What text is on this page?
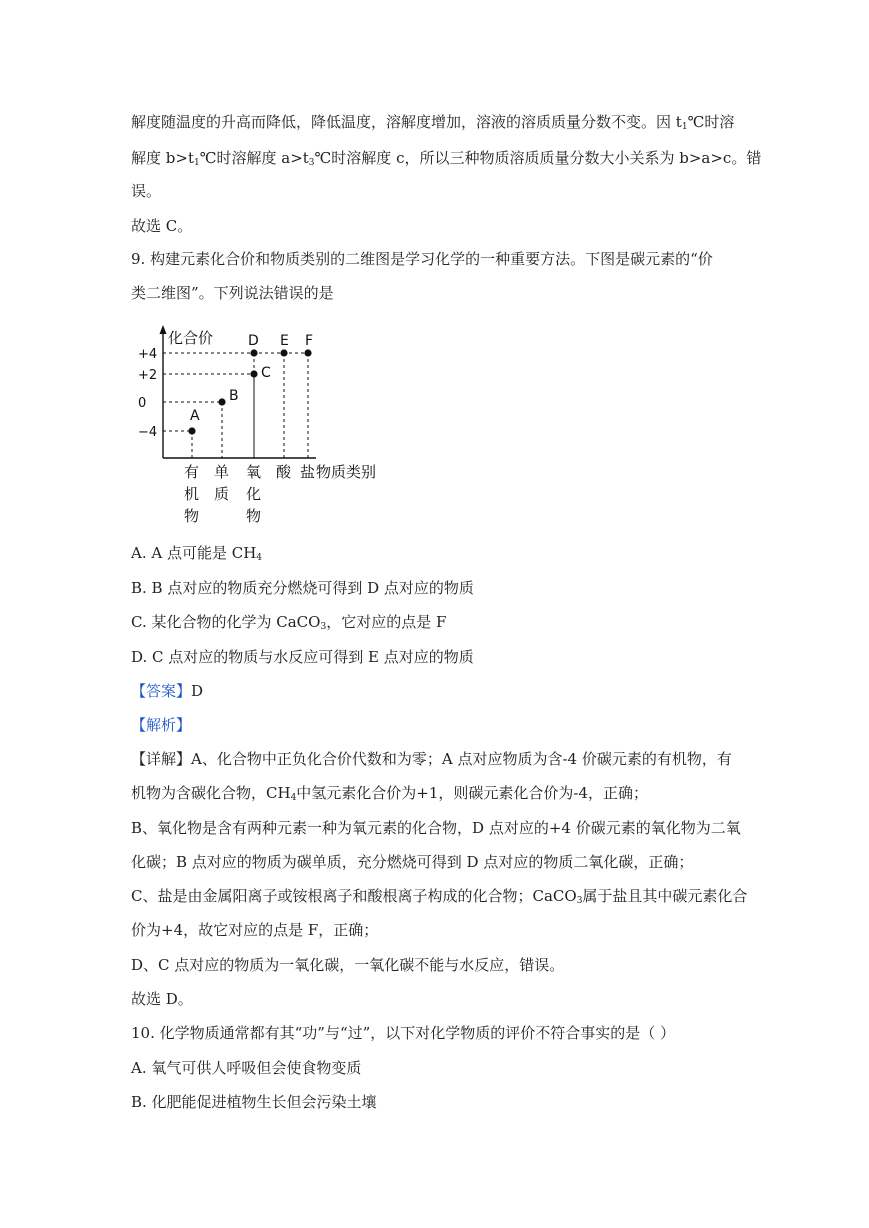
解度随温度的升高而降低，降低温度，溶解度增加，溶液的溶质质量分数不变。因 $t_1℃$时溶
解度 $b>t_1℃$时溶解度 $a>t_3℃$时溶解度 c，所以三种物质溶质质量分数大小关系为 b>a>c。错
误。
故选 C。
9. 构建元素化合价和物质类别的二维图是学习化学的一种重要方法。下图是碳元素的“价
类二维图”。下列说法错误的是
化合价
物质类别
+4
+2
0
−4
有
机
物
单
质
氧
化
物
酸 盐
A
B
C
D E F
A. A 点可能是 $CH_4$
B. B 点对应的物质充分燃烧可得到 D 点对应的物质
C. 某化合物的化学为 CaCO$_3$，它对应的点是 F
D. C 点对应的物质与水反应可得到 E 点对应的物质
【答案】D
【解析】
【详解】A、化合物中正负化合价代数和为零；A 点对应物质为含-4 价碳元素的有机物，有
机物为含碳化合物，$CH_4$中氢元素化合价为+1，则碳元素化合价为-4，正确；
B、氧化物是含有两种元素一种为氧元素的化合物，D 点对应的+4 价碳元素的氧化物为二氧
化碳；B 点对应的物质为碳单质，充分燃烧可得到 D 点对应的物质二氧化碳，正确；
C、盐是由金属阳离子或铵根离子和酸根离子构成的化合物；CaCO$_3$属于盐且其中碳元素化合
价为+4，故它对应的点是 F，正确；
D、C 点对应的物质为一氧化碳，一氧化碳不能与水反应，错误。
故选 D。
10. 化学物质通常都有其“功”与“过”，以下对化学物质的评价不符合事实的是（ ）
A. 氧气可供人呼吸但会使食物变质
B. 化肥能促进植物生长但会污染土壤
